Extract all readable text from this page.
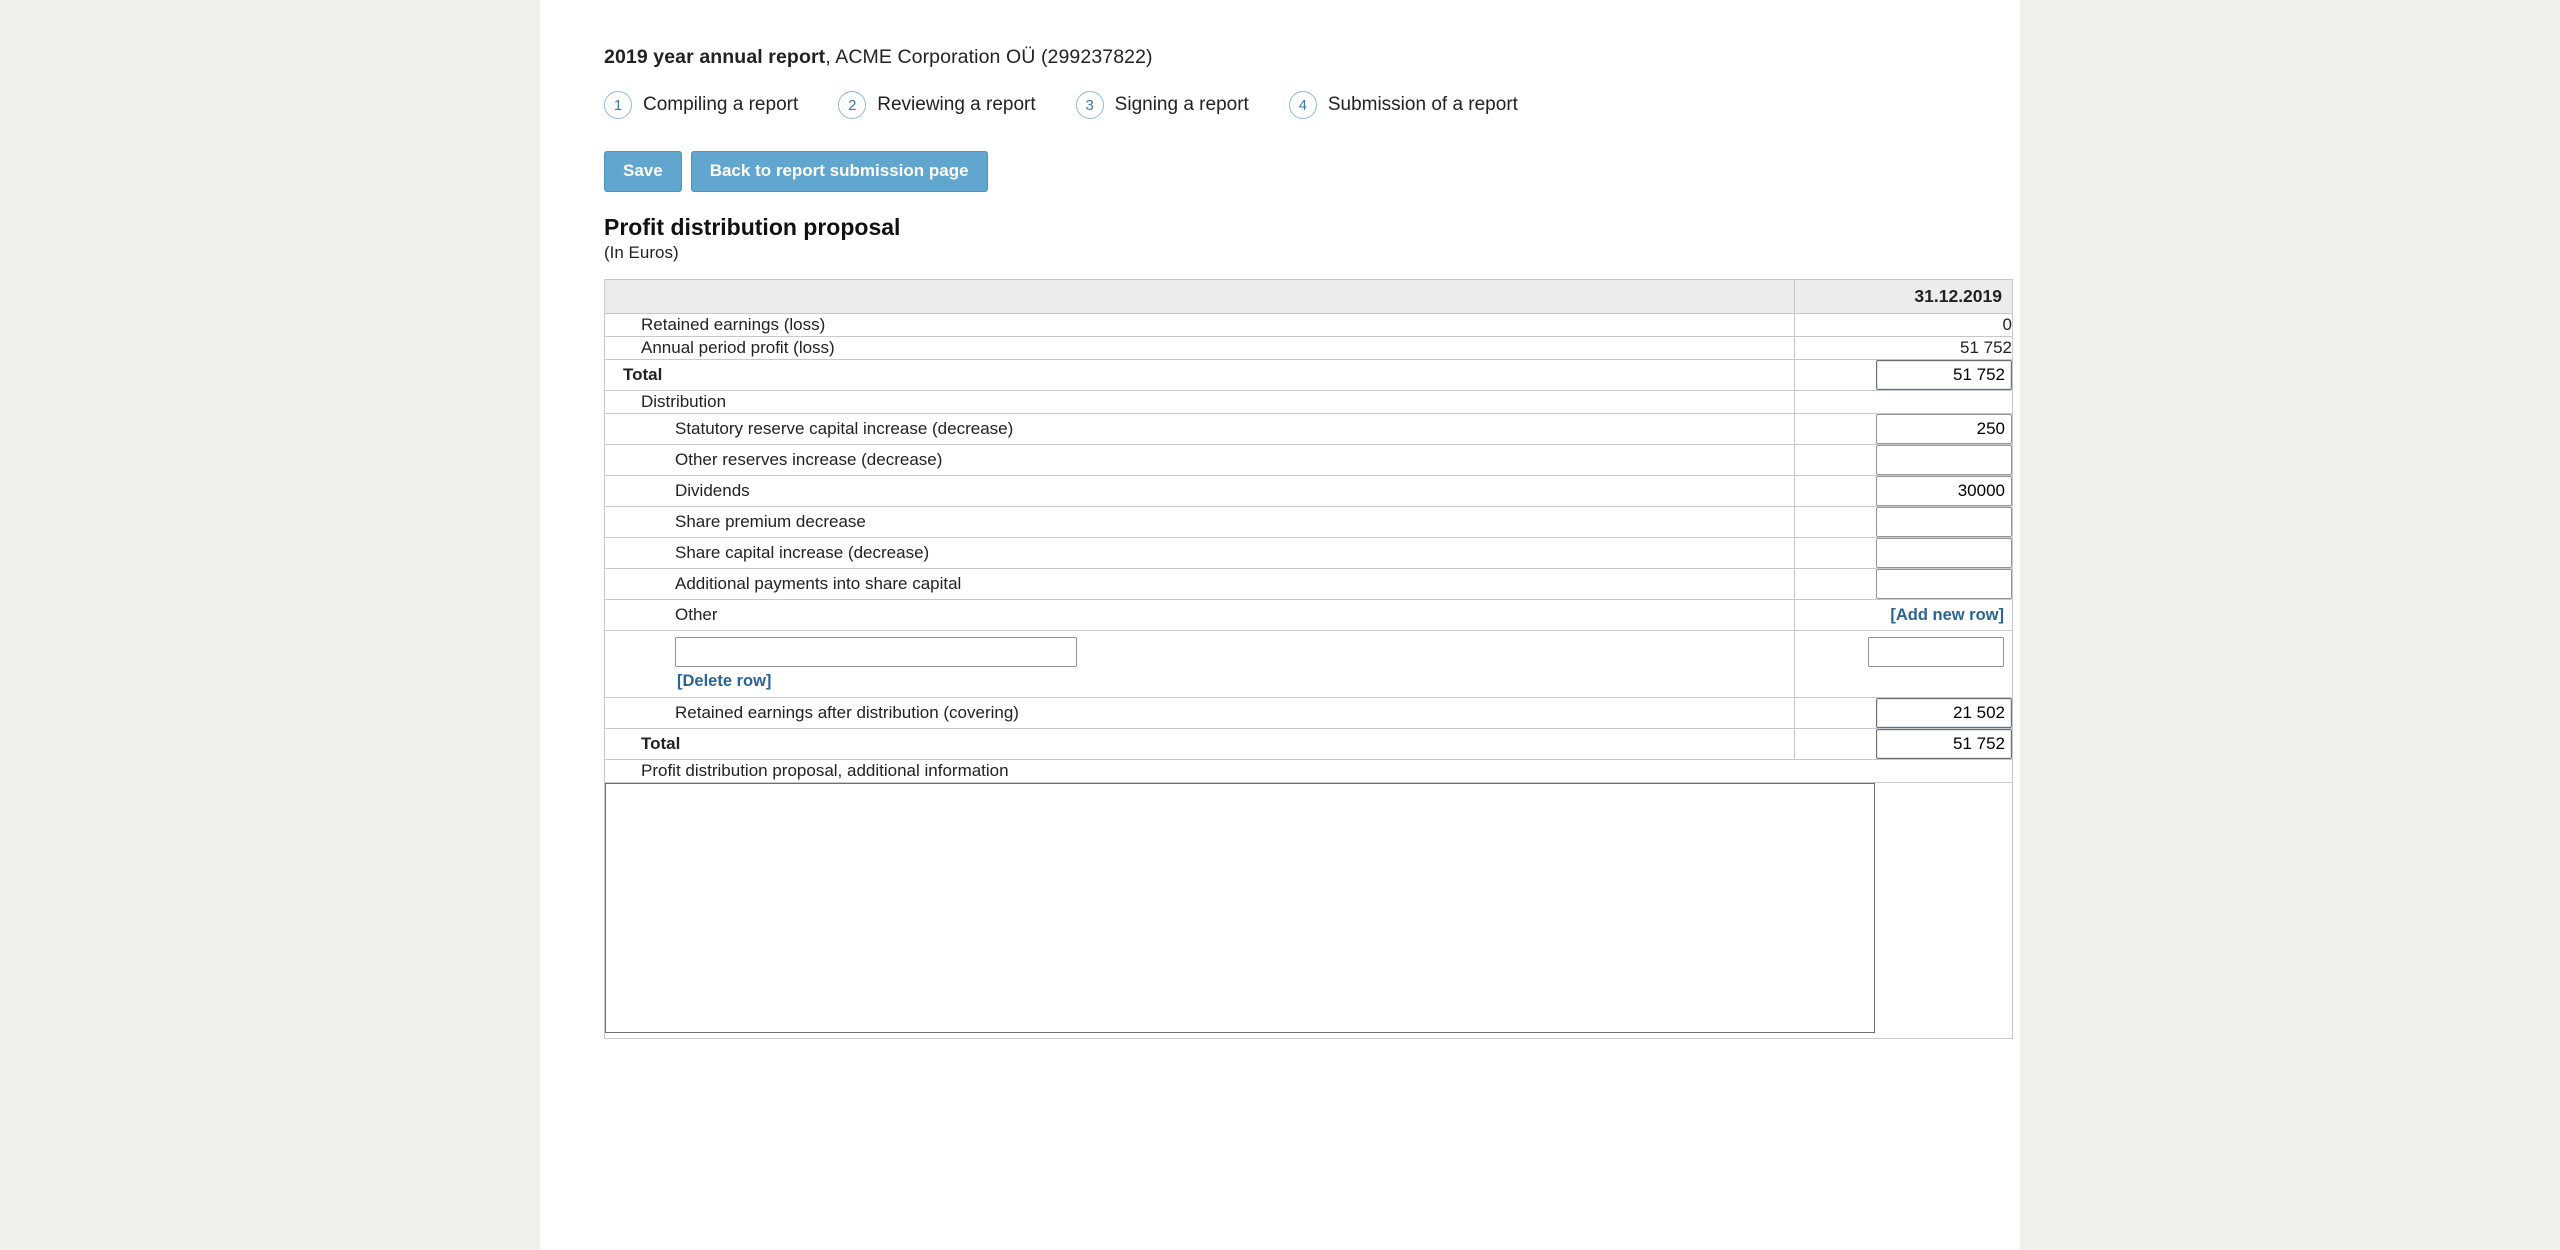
2019 year annual report, ACME Corporation OÜ (299237822)
1	Compiling a report	2	Reviewing a report	3	Signing a report	4	Submission of a report
Save	Back to report submission page
Profit distribution proposal
(In Euros)
	31.12.2019
Retained earnings (loss)	0
Annual period profit (loss)	51 752
Total	51 752
Distribution	
Statutory reserve capital increase (decrease)	250
Other reserves increase (decrease)	
Dividends	30000
Share premium decrease	
Share capital increase (decrease)	
Additional payments into share capital	
Other	[Add new row]

[Delete row]

Retained earnings after distribution (covering)	21 502
Total	51 752
Profit distribution proposal, additional information	
